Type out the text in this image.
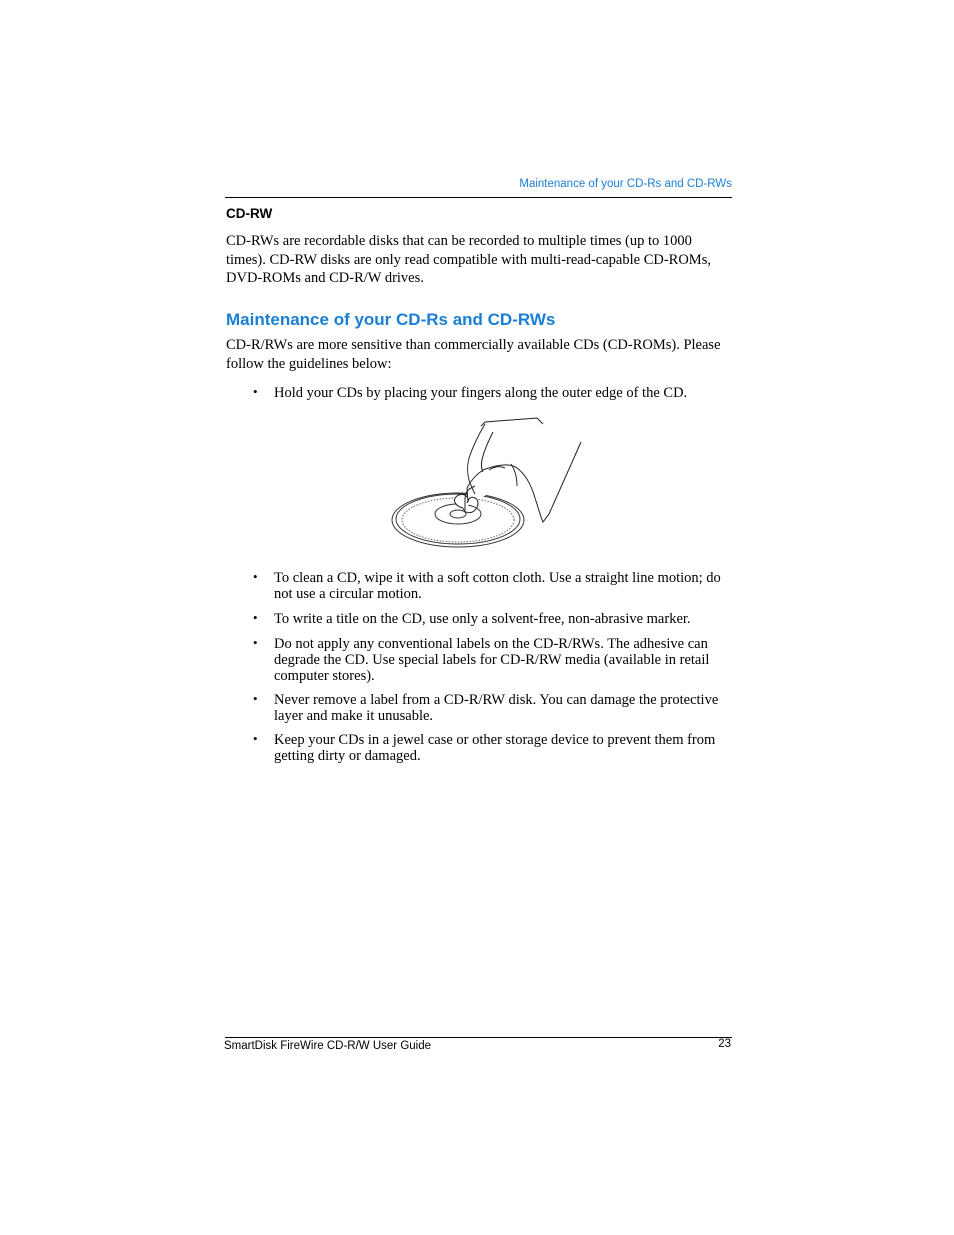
Maintenance of your CD-Rs and CD-RWs
CD-RW
CD-RWs are recordable disks that can be recorded to multiple times (up to 1000 times). CD-RW disks are only read compatible with multi-read-capable CD-ROMs, DVD-ROMs and CD-R/W drives.
Maintenance of your CD-Rs and CD-RWs
CD-R/RWs are more sensitive than commercially available CDs (CD-ROMs). Please follow the guidelines below:
• Hold your CDs by placing your fingers along the outer edge of the CD.
• To clean a CD, wipe it with a soft cotton cloth. Use a straight line motion; do not use a circular motion.
• To write a title on the CD, use only a solvent-free, non-abrasive marker.
• Do not apply any conventional labels on the CD-R/RWs. The adhesive can degrade the CD. Use special labels for CD-R/RW media (available in retail computer stores).
• Never remove a label from a CD-R/RW disk. You can damage the protective layer and make it unusable.
• Keep your CDs in a jewel case or other storage device to prevent them from getting dirty or damaged.
SmartDisk FireWire CD-R/W User Guide	23
